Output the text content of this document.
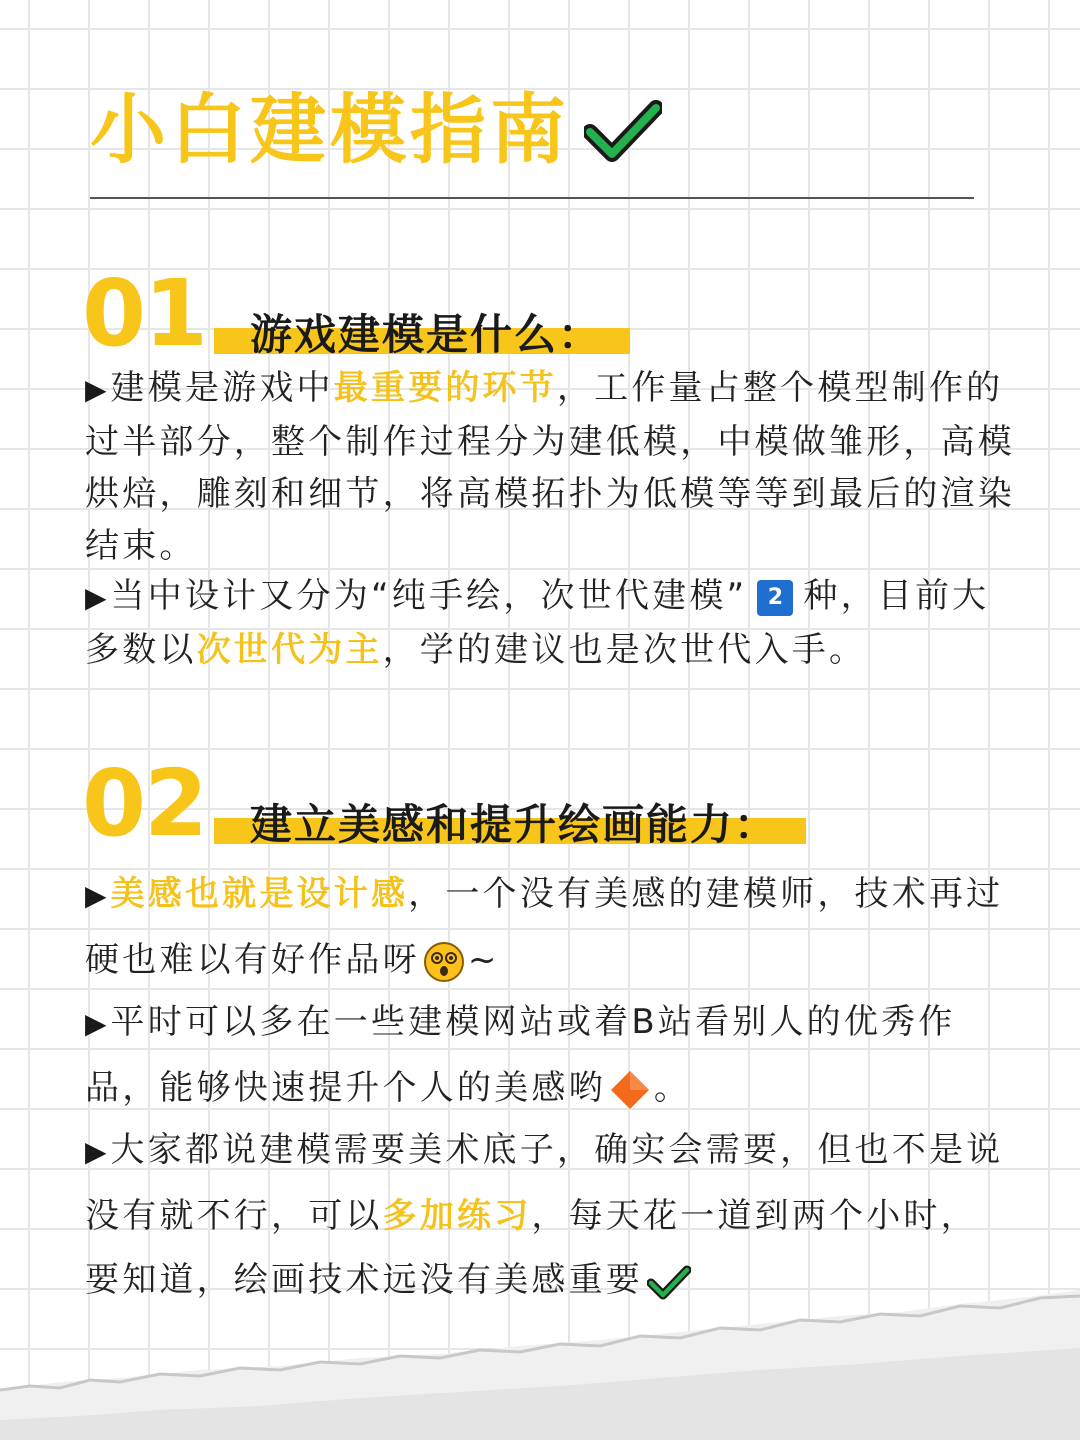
小白建模指南
01	游戏建模是什么：

▶ 建模是游戏中最重要的环节，工作量占整个模型制作的过半部分，整个制作过程分为建低模，中模做雏形，高模烘焙，雕刻和细节，将高模拓扑为低模等等到最后的渲染结束。

▶ 当中设计又分为“纯手绘，次世代建模” 2 种，目前大多数以次世代为主，学的建议也是次世代入手。

02	建立美感和提升绘画能力：

▶ 美感也就是设计感，一个没有美感的建模师，技术再过硬也难以有好作品呀 ~

▶ 平时可以多在一些建模网站或着B站看别人的优秀作品，能够快速提升个人的美感哟 。

▶ 大家都说建模需要美术底子，确实会需要，但也不是说没有就不行，可以多加练习，每天花一道到两个小时，要知道，绘画技术远没有美感重要
